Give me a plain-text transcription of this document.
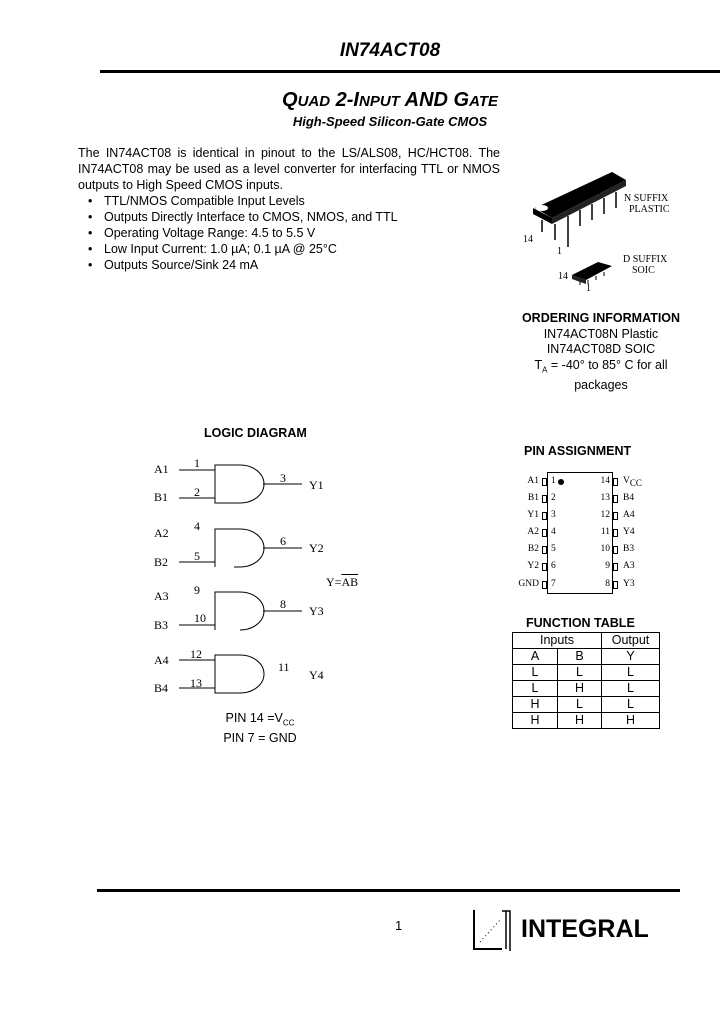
IN74ACT08
QUAD 2-INPUT AND GATE
High-Speed Silicon-Gate CMOS
The IN74ACT08 is identical in pinout to the LS/ALS08, HC/HCT08. The IN74ACT08 may be used as a level converter for interfacing TTL or NMOS outputs to High Speed CMOS inputs.
• TTL/NMOS Compatible Input Levels
• Outputs Directly Interface to CMOS, NMOS, and TTL
• Operating Voltage Range: 4.5 to 5.5 V
• Low Input Current: 1.0 µA; 0.1 µA @ 25°C
• Outputs Source/Sink 24 mA
14
1
N SUFFIX
PLASTIC
D SUFFIX
SOIC
14
1
ORDERING INFORMATION
IN74ACT08N Plastic
IN74ACT08D SOIC
$T_A = -40^\circ$ to 85° C for all
packages
LOGIC DIAGRAM
A1
B1
1
2
3 Y1
A2
B2
4
5
6 Y2
A3
B3
9
10
8 Y3
A4
B4
12
13
11
Y4
$Y=\overline{AB}$
PIN $14 =V_{CC}$
PIN 7 = GND
PIN ASSIGNMENT
A1 1
B1 2
Y1 3
A2 4
B2 5
Y2 6
GND 7
14 $V_{CC}$
13 B4
12 A4
11 Y4
10 B3
9 A3
8 Y3
FUNCTION TABLE
Inputs		Output
A	B	Y
L	L	L
L	H	L
H	L	L
H	H	H
1	INTEGRAL
